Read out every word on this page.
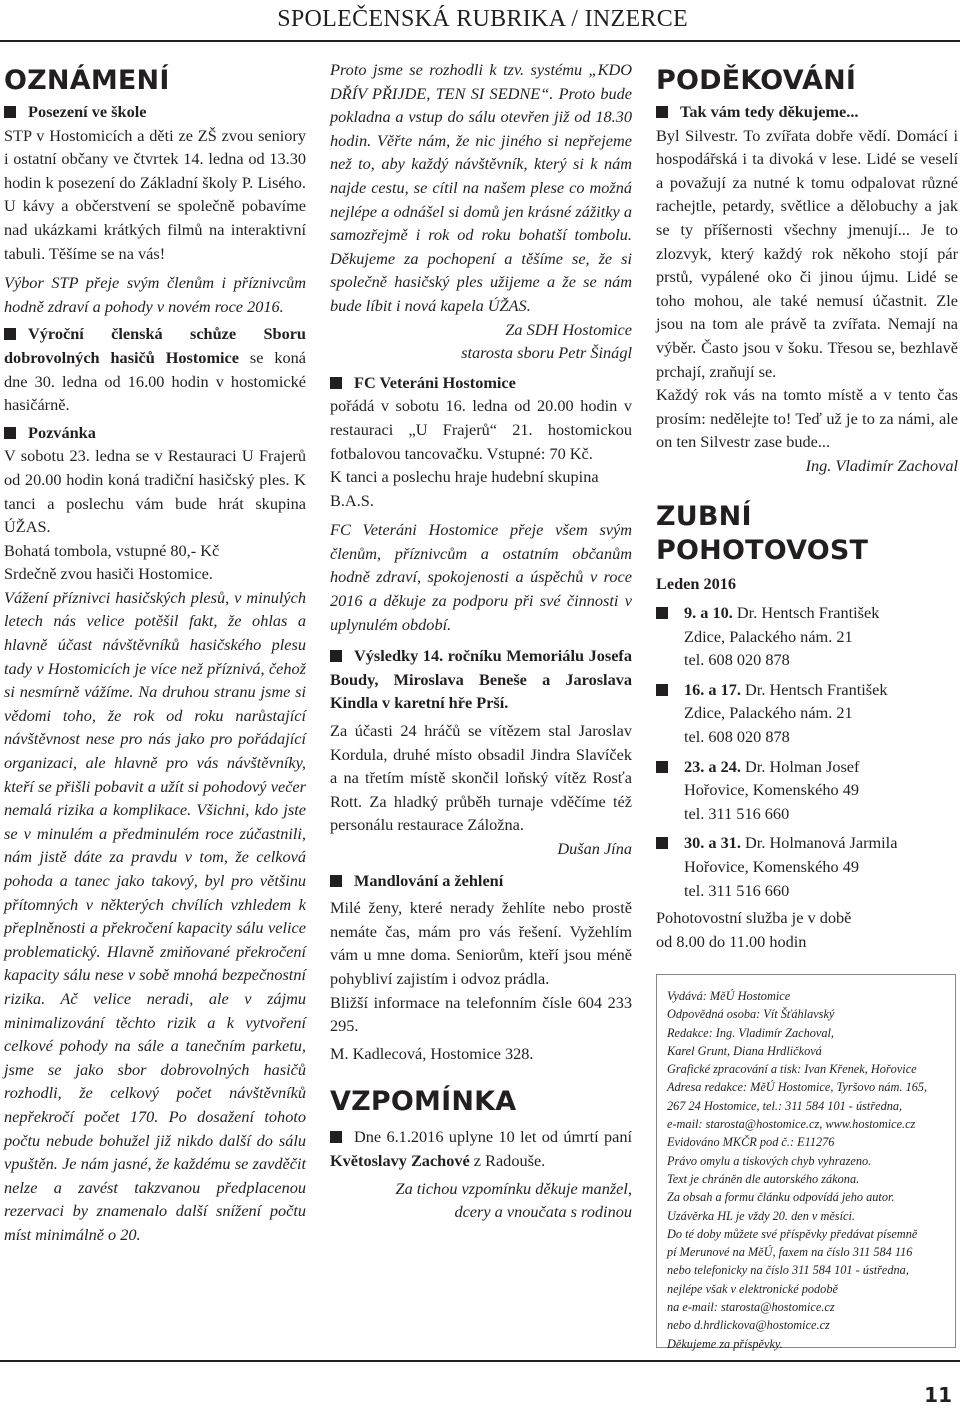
SPOLEČENSKÁ RUBRIKA / INZERCE
OZNÁMENÍ

Posezení ve škole

STP v Hostomicích a děti ze ZŠ zvou seniory i ostatní občany ve čtvrtek 14. ledna od 13.30 hodin k posezení do Základní školy P. Lisého. U kávy a občerstvení se společně pobavíme nad ukázkami krátkých filmů na interaktivní tabuli. Těšíme se na vás!

Výbor STP přeje svým členům i příznivcům hodně zdraví a pohody v novém roce 2016.

Výroční členská schůze Sboru dobrovolných hasičů Hostomice se koná dne 30. ledna od 16.00 hodin v hostomické hasičárně.

Pozvánka

V sobotu 23. ledna se v Restauraci U Frajerů od 20.00 hodin koná tradiční hasičský ples. K tanci a poslechu vám bude hrát skupina ÚŽAS.

Bohatá tombola, vstupné 80,- Kč

Srdečně zvou hasiči Hostomice.

Vážení příznivci hasičských plesů, v minulých letech nás velice potěšil fakt, že ohlas a hlavně účast návštěvníků hasičského plesu tady v Hostomicích je více než příznivá, čehož si nesmírně vážíme. Na druhou stranu jsme si vědomi toho, že rok od roku narůstající návštěvnost nese pro nás jako pro pořádající organizaci, ale hlavně pro vás návštěvníky, kteří se přišli pobavit a užít si pohodový večer nemalá rizika a komplikace. Všichni, kdo jste se v minulém a předminulém roce zúčastnili, nám jistě dáte za pravdu v tom, že celková pohoda a tanec jako takový, byl pro většinu přítomných v některých chvílích vzhledem k přeplněnosti a překročení kapacity sálu velice problematický. Hlavně zmiňované překročení kapacity sálu nese v sobě mnohá bezpečnostní rizika. Ač velice neradi, ale v zájmu minimalizování těchto rizik a k vytvoření celkové pohody na sále a tanečním parketu, jsme se jako sbor dobrovolných hasičů rozhodli, že celkový počet návštěvníků nepřekročí počet 170. Po dosažení tohoto počtu nebude bohužel již nikdo další do sálu vpuštěn. Je nám jasné, že každému se zavděčit nelze a zavést takzvanou předplacenou rezervaci by znamenalo další snížení počtu míst minimálně o 20.

Proto jsme se rozhodli k tzv. systému „KDO DŘÍV PŘIJDE, TEN SI SEDNE“. Proto bude pokladna a vstup do sálu otevřen již od 18.30 hodin. Věřte nám, že nic jiného si nepřejeme než to, aby každý návštěvník, který si k nám najde cestu, se cítil na našem plese co možná nejlépe a odnášel si domů jen krásné zážitky a samozřejmě i rok od roku bohatší tombolu. Děkujeme za pochopení a těšíme se, že si společně hasičský ples užijeme a že se nám bude líbit i nová kapela ÚŽAS.

Za SDH Hostomice

starosta sboru Petr Šinágl

FC Veteráni Hostomice

pořádá v sobotu 16. ledna od 20.00 hodin v restauraci „U Frajerů“ 21. hostomickou fotbalovou tancovačku. Vstupné: 70 Kč.

K tanci a poslechu hraje hudební skupina B.A.S.

FC Veteráni Hostomice přeje všem svým členům, příznivcům a ostatním občanům hodně zdraví, spokojenosti a úspěchů v roce 2016 a děkuje za podporu při své činnosti v uplynulém období.

Výsledky 14. ročníku Memoriálu Josefa Boudy, Miroslava Beneše a Jaroslava Kindla v karetní hře Prší.

Za účasti 24 hráčů se vítězem stal Jaroslav Kordula, druhé místo obsadil Jindra Slavíček a na třetím místě skončil loňský vítěz Rosťa Rott. Za hladký průběh turnaje vděčíme též personálu restaurace Záložna.

Dušan Jína

Mandlování a žehlení

Milé ženy, které nerady žehlíte nebo prostě nemáte čas, mám pro vás řešení. Vyžehlím vám u mne doma. Seniorům, kteří jsou méně pohybliví zajistím i odvoz prádla.

Bližší informace na telefonním čísle 604 233 295.

M. Kadlecová, Hostomice 328.

VZPOMÍNKA

Dne 6.1.2016 uplyne 10 let od úmrtí paní Květoslavy Zachové z Radouše.

Za tichou vzpomínku děkuje manžel,

dcery a vnoučata s rodinou

PODĚKOVÁNÍ

Tak vám tedy děkujeme...

Byl Silvestr. To zvířata dobře vědí. Domácí i hospodářská i ta divoká v lese. Lidé se veselí a považují za nutné k tomu odpalovat různé rachejtle, petardy, světlice a dělobuchy a jak se ty příšernosti všechny jmenují... Je to zlozvyk, který každý rok někoho stojí pár prstů, vypálené oko či jinou újmu. Lidé se toho mohou, ale také nemusí účastnit. Zle jsou na tom ale právě ta zvířata. Nemají na výběr. Často jsou v šoku. Třesou se, bezhlavě prchají, zraňují se.

Každý rok vás na tomto místě a v tento čas prosím: nedělejte to! Teď už je to za námi, ale on ten Silvestr zase bude...

Ing. Vladimír Zachoval

ZUBNÍ POHOTOVOST

Leden 2016

9. a 10. Dr. Hentsch František
Zdice, Palackého nám. 21
tel. 608 020 878
16. a 17. Dr. Hentsch František
Zdice, Palackého nám. 21
tel. 608 020 878
23. a 24. Dr. Holman Josef
Hořovice, Komenského 49
tel. 311 516 660
30. a 31. Dr. Holmanová Jarmila
Hořovice, Komenského 49
tel. 311 516 660

Pohotovostní služba je v době

od 8.00 do 11.00 hodin

Vydává: MěÚ Hostomice
Odpovědná osoba: Vít Šťáhlavský
Redakce: Ing. Vladimír Zachoval,
Karel Grunt, Diana Hrdličková
Grafické zpracování a tisk: Ivan Křenek, Hořovice
Adresa redakce: MěÚ Hostomice, Tyršovo nám. 165,
267 24 Hostomice, tel.: 311 584 101 - ústředna,
e-mail: starosta@hostomice.cz, www.hostomice.cz
Evidováno MKČR pod č.: E11276
Právo omylu a tiskových chyb vyhrazeno.
Text je chráněn dle autorského zákona.
Za obsah a formu článku odpovídá jeho autor.
Uzávěrka HL je vždy 20. den v měsíci.
Do té doby můžete své příspěvky předávat písemně
pí Merunové na MěÚ, faxem na číslo 311 584 116
nebo telefonicky na číslo 311 584 101 - ústředna,
nejlépe však v elektronické podobě
na e-mail: starosta@hostomice.cz
nebo d.hrdlickova@hostomice.cz
Děkujeme za příspěvky.
11
